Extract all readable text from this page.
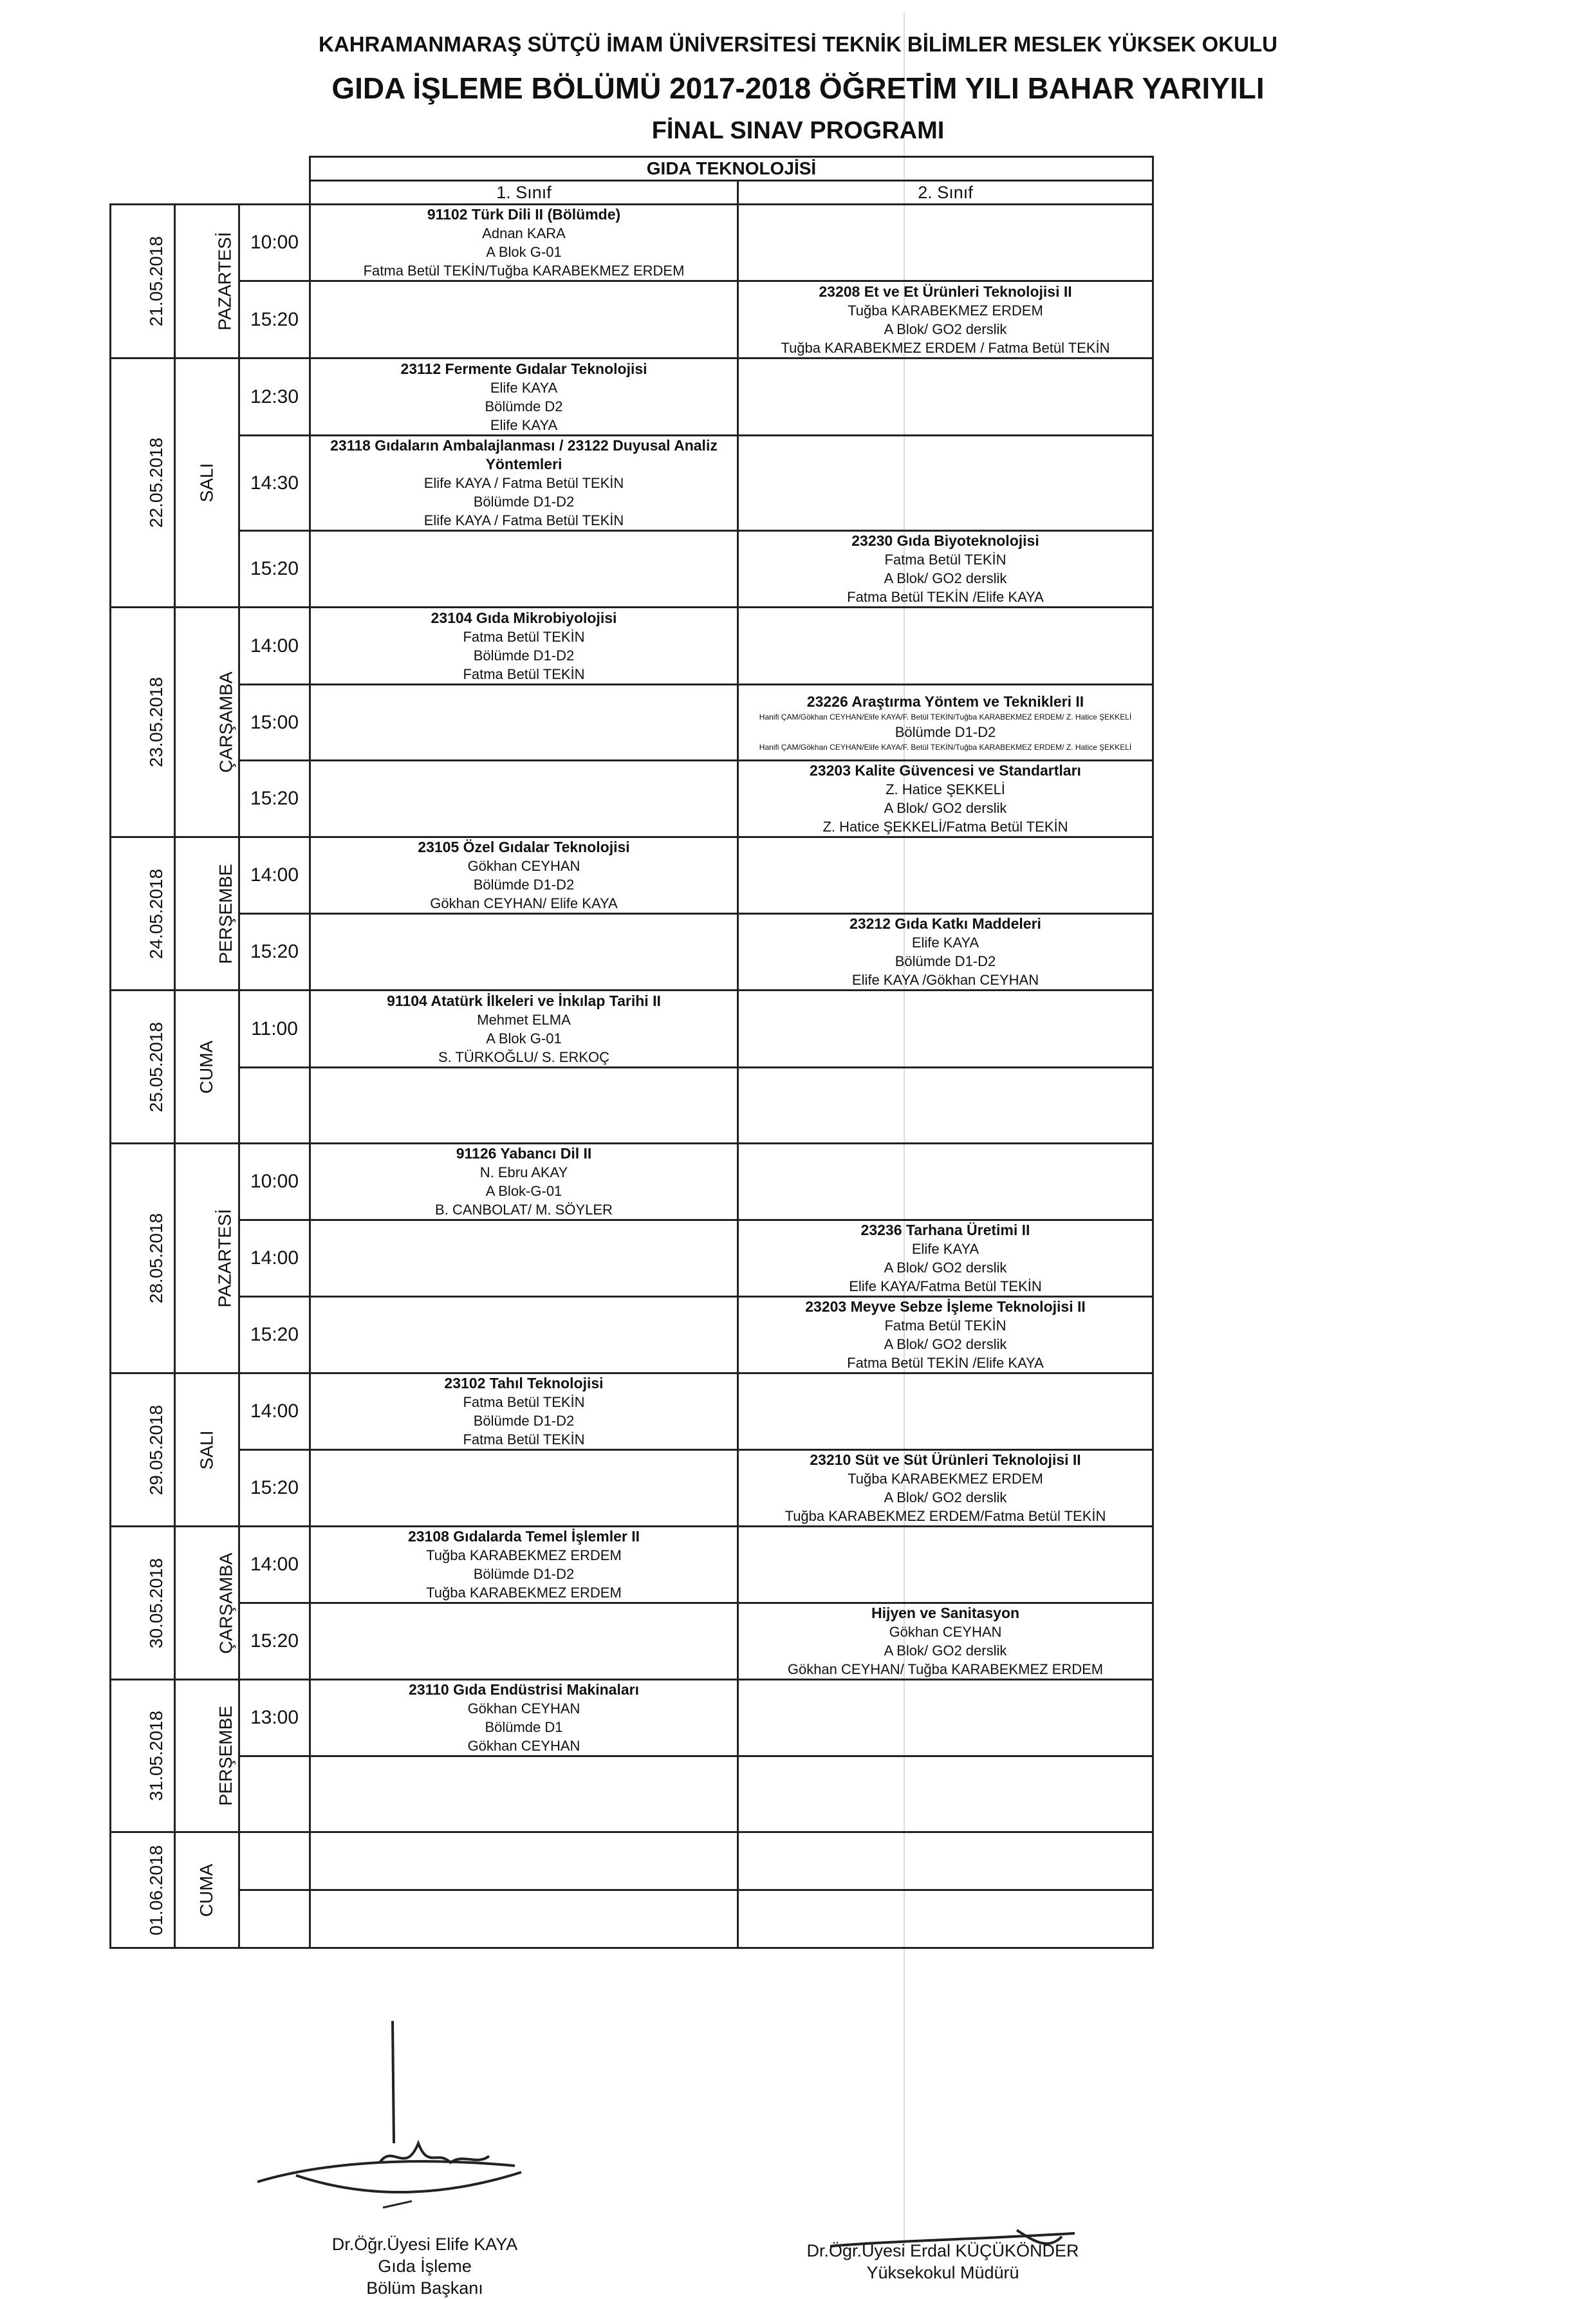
KAHRAMANMARAŞ SÜTÇÜ İMAM ÜNİVERSİTESİ TEKNİK BİLİMLER MESLEK YÜKSEK OKULU
GIDA İŞLEME BÖLÜMÜ 2017-2018 ÖĞRETİM YILI BAHAR YARIYILI
FİNAL SINAV PROGRAMI
			GIDA TEKNOLOJİSİ	
			1. Sınıf	2. Sınıf
21.05.2018	PAZARTESİ	10:00	91102 Türk Dili II (Bölümde)
Adnan KARA
A Blok G-01
Fatma Betül TEKİN/Tuğba KARABEKMEZ ERDEM	

		15:20		23208 Et ve Et Ürünleri Teknolojisi II
Tuğba KARABEKMEZ ERDEM
A Blok/ GO2 derslik
Tuğba KARABEKMEZ ERDEM / Fatma Betül TEKİN

22.05.2018	SALI	12:30	23112 Fermente Gıdalar Teknolojisi
Elife KAYA
Bölümde D2
Elife KAYA	

		14:30	23118 Gıdaların Ambalajlanması / 23122 Duyusal Analiz Yöntemleri
Elife KAYA / Fatma Betül TEKİN
Bölümde D1-D2
Elife KAYA / Fatma Betül TEKİN	

		15:20		23230 Gıda Biyoteknolojisi
Fatma Betül TEKİN
A Blok/ GO2 derslik
Fatma Betül TEKİN /Elife KAYA

23.05.2018	ÇARŞAMBA	14:00	23104 Gıda Mikrobiyolojisi
Fatma Betül TEKİN
Bölümde D1-D2
Fatma Betül TEKİN	

		15:00		23226 Araştırma Yöntem ve Teknikleri II
Hanifi ÇAM/Gökhan CEYHAN/Elife KAYA/F. Betül TEKİN/Tuğba KARABEKMEZ ERDEM/ Z. Hatice ŞEKKELİ
Bölümde D1-D2
Hanifi ÇAM/Gökhan CEYHAN/Elife KAYA/F. Betül TEKİN/Tuğba KARABEKMEZ ERDEM/ Z. Hatice ŞEKKELİ

		15:20		23203 Kalite Güvencesi ve Standartları
Z. Hatice ŞEKKELİ
A Blok/ GO2 derslik
Z. Hatice ŞEKKELİ/Fatma Betül TEKİN

24.05.2018	PERŞEMBE	14:00	23105 Özel Gıdalar Teknolojisi
Gökhan CEYHAN
Bölümde D1-D2
Gökhan CEYHAN/ Elife KAYA	

		15:20		23212 Gıda Katkı Maddeleri
Elife KAYA
Bölümde D1-D2
Elife KAYA /Gökhan CEYHAN

25.05.2018	CUMA	11:00	91104 Atatürk İlkeleri ve İnkılap Tarihi II
Mehmet ELMA
A Blok G-01
S. TÜRKOĞLU/ S. ERKOÇ	

28.05.2018	PAZARTESİ	10:00	91126 Yabancı Dil II
N. Ebru AKAY
A Blok-G-01
B. CANBOLAT/ M. SÖYLER	

		14:00		23236 Tarhana Üretimi II
Elife KAYA
A Blok/ GO2 derslik
Elife KAYA/Fatma Betül TEKİN

		15:20		23203 Meyve Sebze İşleme Teknolojisi II
Fatma Betül TEKİN
A Blok/ GO2 derslik
Fatma Betül TEKİN /Elife KAYA

29.05.2018	SALI	14:00	23102 Tahıl Teknolojisi
Fatma Betül TEKİN
Bölümde D1-D2
Fatma Betül TEKİN	

		15:20		23210 Süt ve Süt Ürünleri Teknolojisi II
Tuğba KARABEKMEZ ERDEM
A Blok/ GO2 derslik
Tuğba KARABEKMEZ ERDEM/Fatma Betül TEKİN

30.05.2018	ÇARŞAMBA	14:00	23108 Gıdalarda Temel İşlemler II
Tuğba KARABEKMEZ ERDEM
Bölümde D1-D2
Tuğba KARABEKMEZ ERDEM	

		15:20		Hijyen ve Sanitasyon
Gökhan CEYHAN
A Blok/ GO2 derslik
Gökhan CEYHAN/ Tuğba KARABEKMEZ ERDEM

31.05.2018	PERŞEMBE	13:00	23110 Gıda Endüstrisi Makinaları
Gökhan CEYHAN
Bölümde D1
Gökhan CEYHAN	

01.06.2018	CUMA			

Dr.Öğr.Üyesi Elife KAYA
Gıda İşleme
Bölüm Başkanı
Dr.Öğr.Üyesi Erdal KÜÇÜKÖNDER
Yüksekokul Müdürü
